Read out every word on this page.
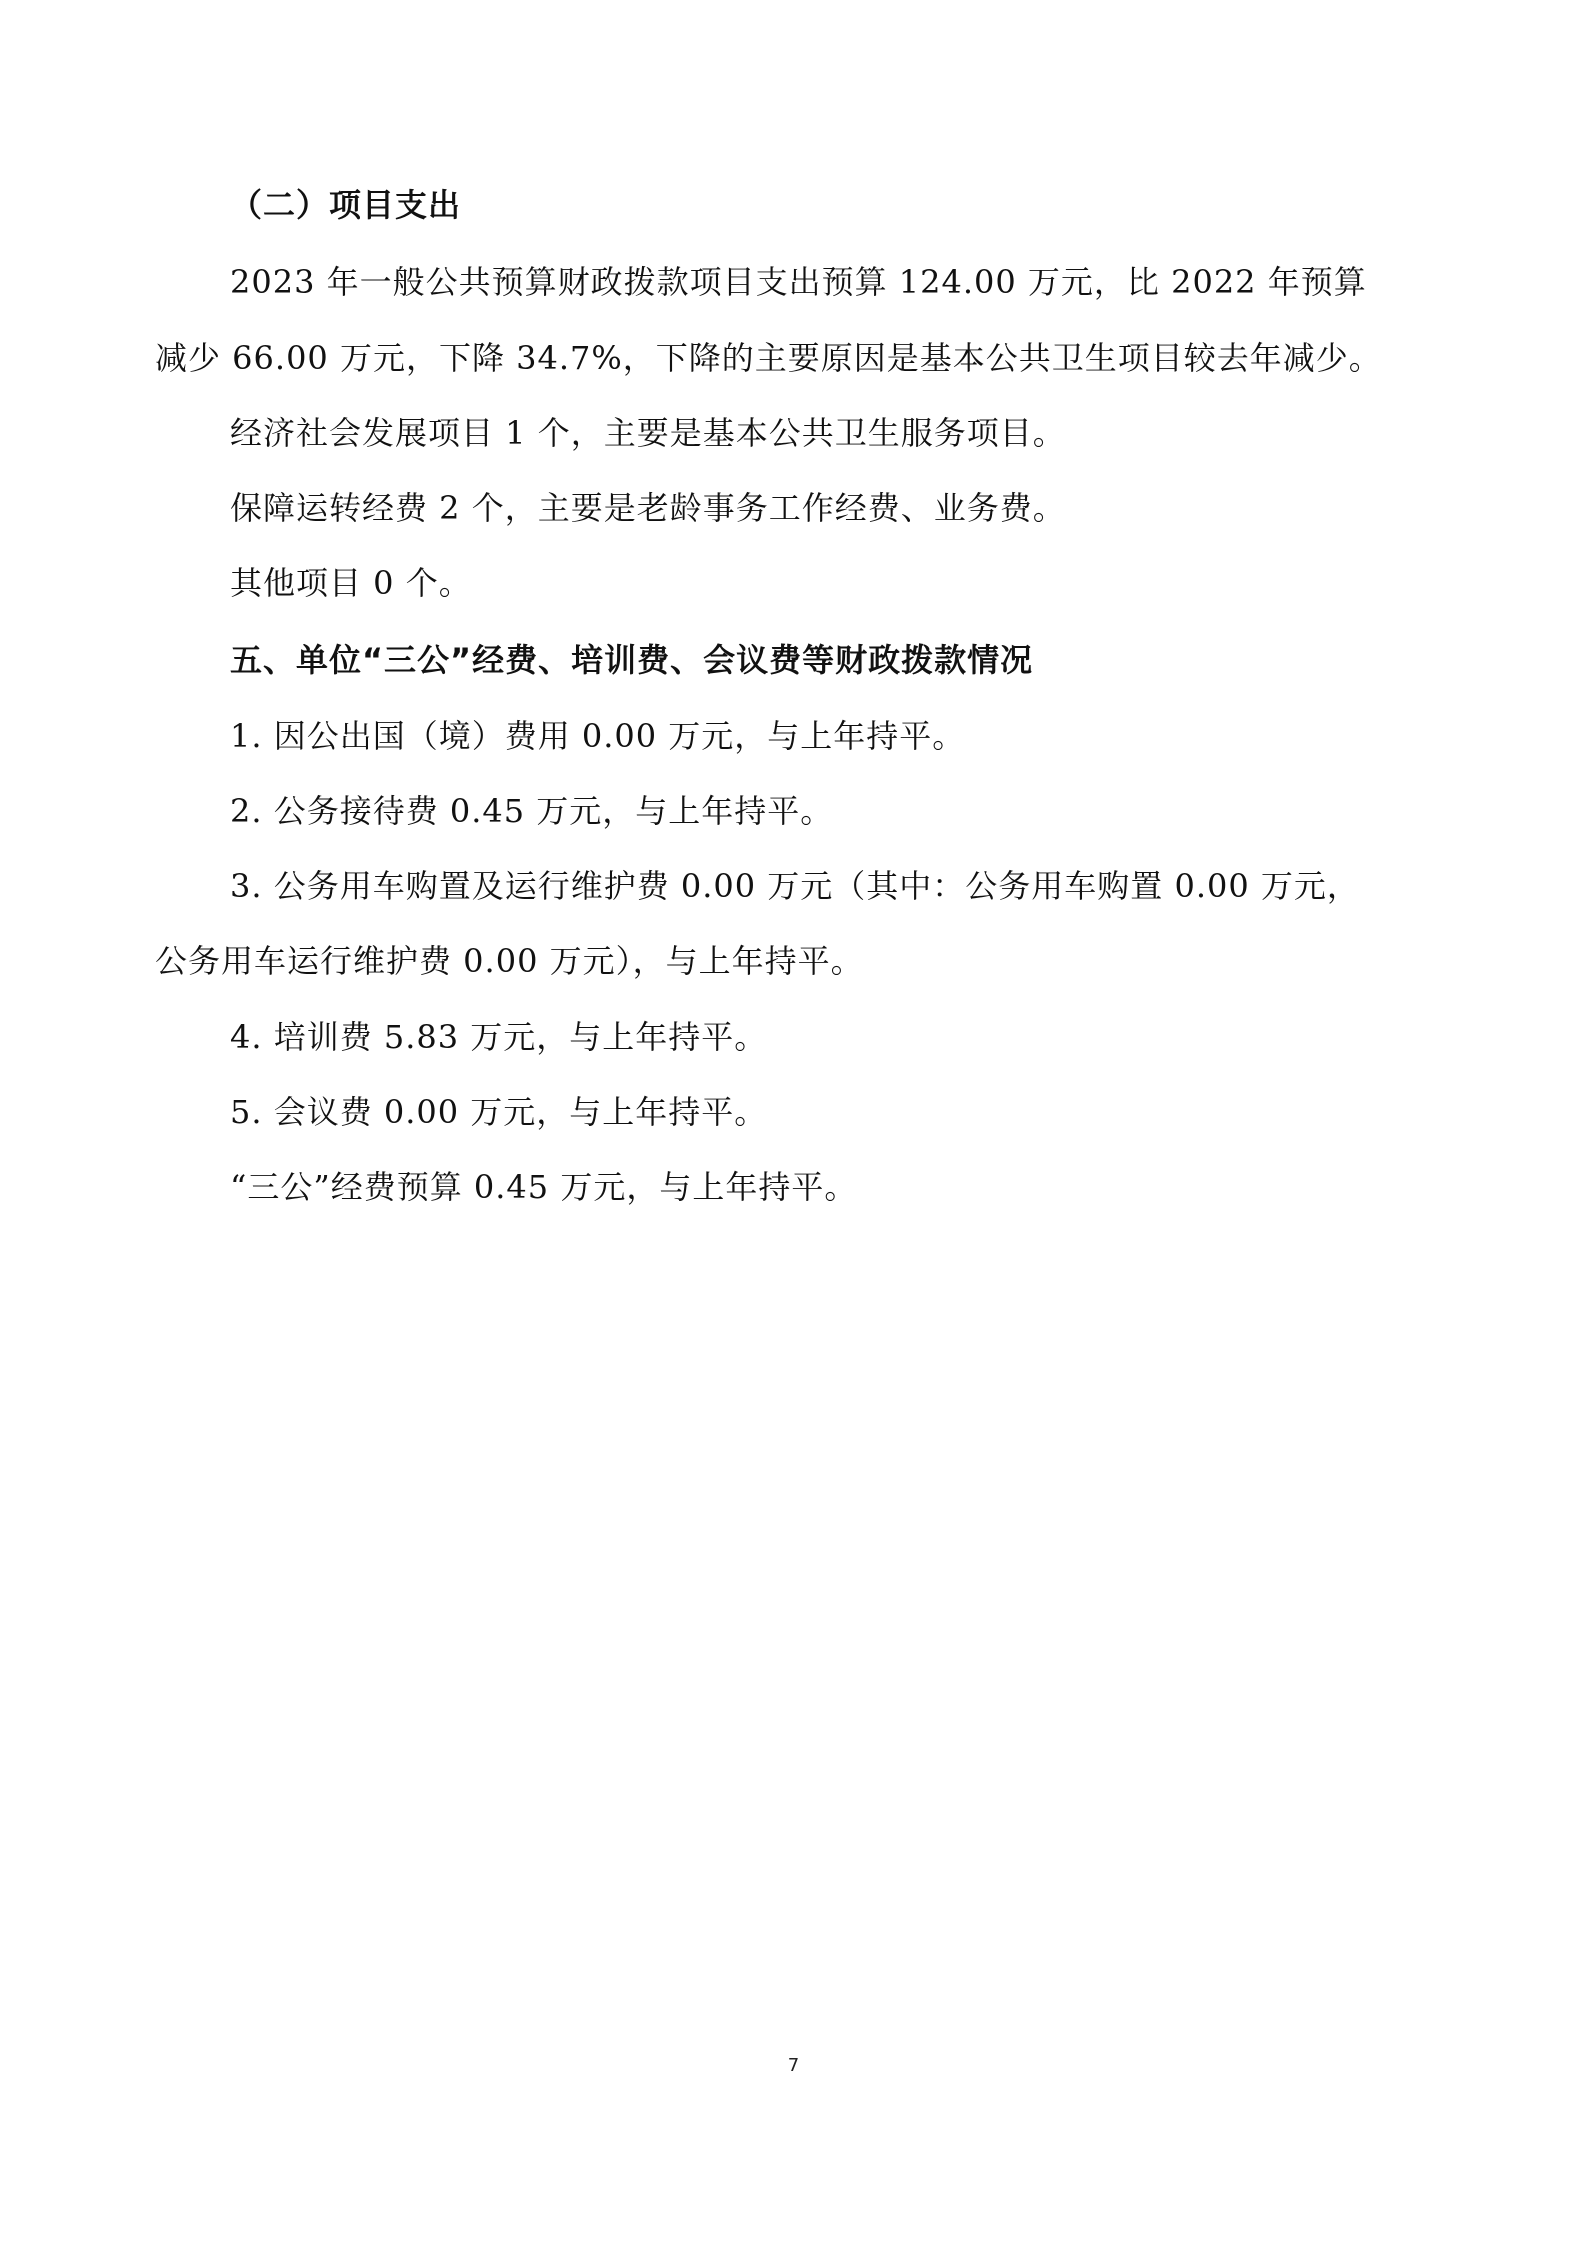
（二）项目支出
2023 年一般公共预算财政拨款项目支出预算 124.00 万元，比 2022 年预算
减少 66.00 万元，下降 34.7%，下降的主要原因是基本公共卫生项目较去年减少。
经济社会发展项目 1 个，主要是基本公共卫生服务项目。
保障运转经费 2 个，主要是老龄事务工作经费、业务费。
其他项目 0 个。
五、单位“三公”经费、培训费、会议费等财政拨款情况
1. 因公出国（境）费用 0.00 万元，与上年持平。
2. 公务接待费 0.45 万元，与上年持平。
3. 公务用车购置及运行维护费 0.00 万元（其中：公务用车购置 0.00 万元，
公务用车运行维护费 0.00 万元），与上年持平。
4. 培训费 5.83 万元，与上年持平。
5. 会议费 0.00 万元，与上年持平。
“三公”经费预算 0.45 万元，与上年持平。
7
